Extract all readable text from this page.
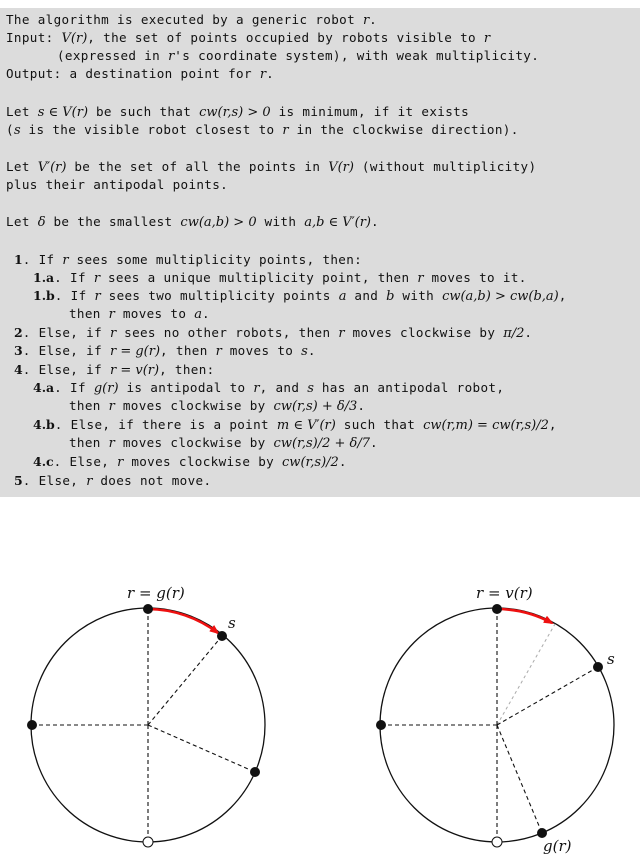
The algorithm is executed by a generic robot r.
Input: V(r), the set of points occupied by robots visible to r
(expressed in r's coordinate system), with weak multiplicity.
Output: a destination point for r.
Let s ∈ V(r) be such that cw(r,s) > 0 is minimum, if it exists
(s is the visible robot closest to r in the clockwise direction).
Let V′(r) be the set of all the points in V(r) (without multiplicity)
plus their antipodal points.
Let δ be the smallest cw(a,b) > 0 with a,b ∈ V′(r).
1. If r sees some multiplicity points, then:
1.a. If r sees a unique multiplicity point, then r moves to it.
1.b. If r sees two multiplicity points a and b with cw(a,b) > cw(b,a),
then r moves to a.
2. Else, if r sees no other robots, then r moves clockwise by π/2.
3. Else, if r = g(r), then r moves to s.
4. Else, if r = v(r), then:
4.a. If g(r) is antipodal to r, and s has an antipodal robot,
then r moves clockwise by cw(r,s) + δ/3.
4.b. Else, if there is a point m ∈ V′(r) such that cw(r,m) = cw(r,s)/2,
then r moves clockwise by cw(r,s)/2 + δ/7.
4.c. Else, r moves clockwise by cw(r,s)/2.
5. Else, r does not move.
r = g(r)
s
r = v(r)
s
g(r)
